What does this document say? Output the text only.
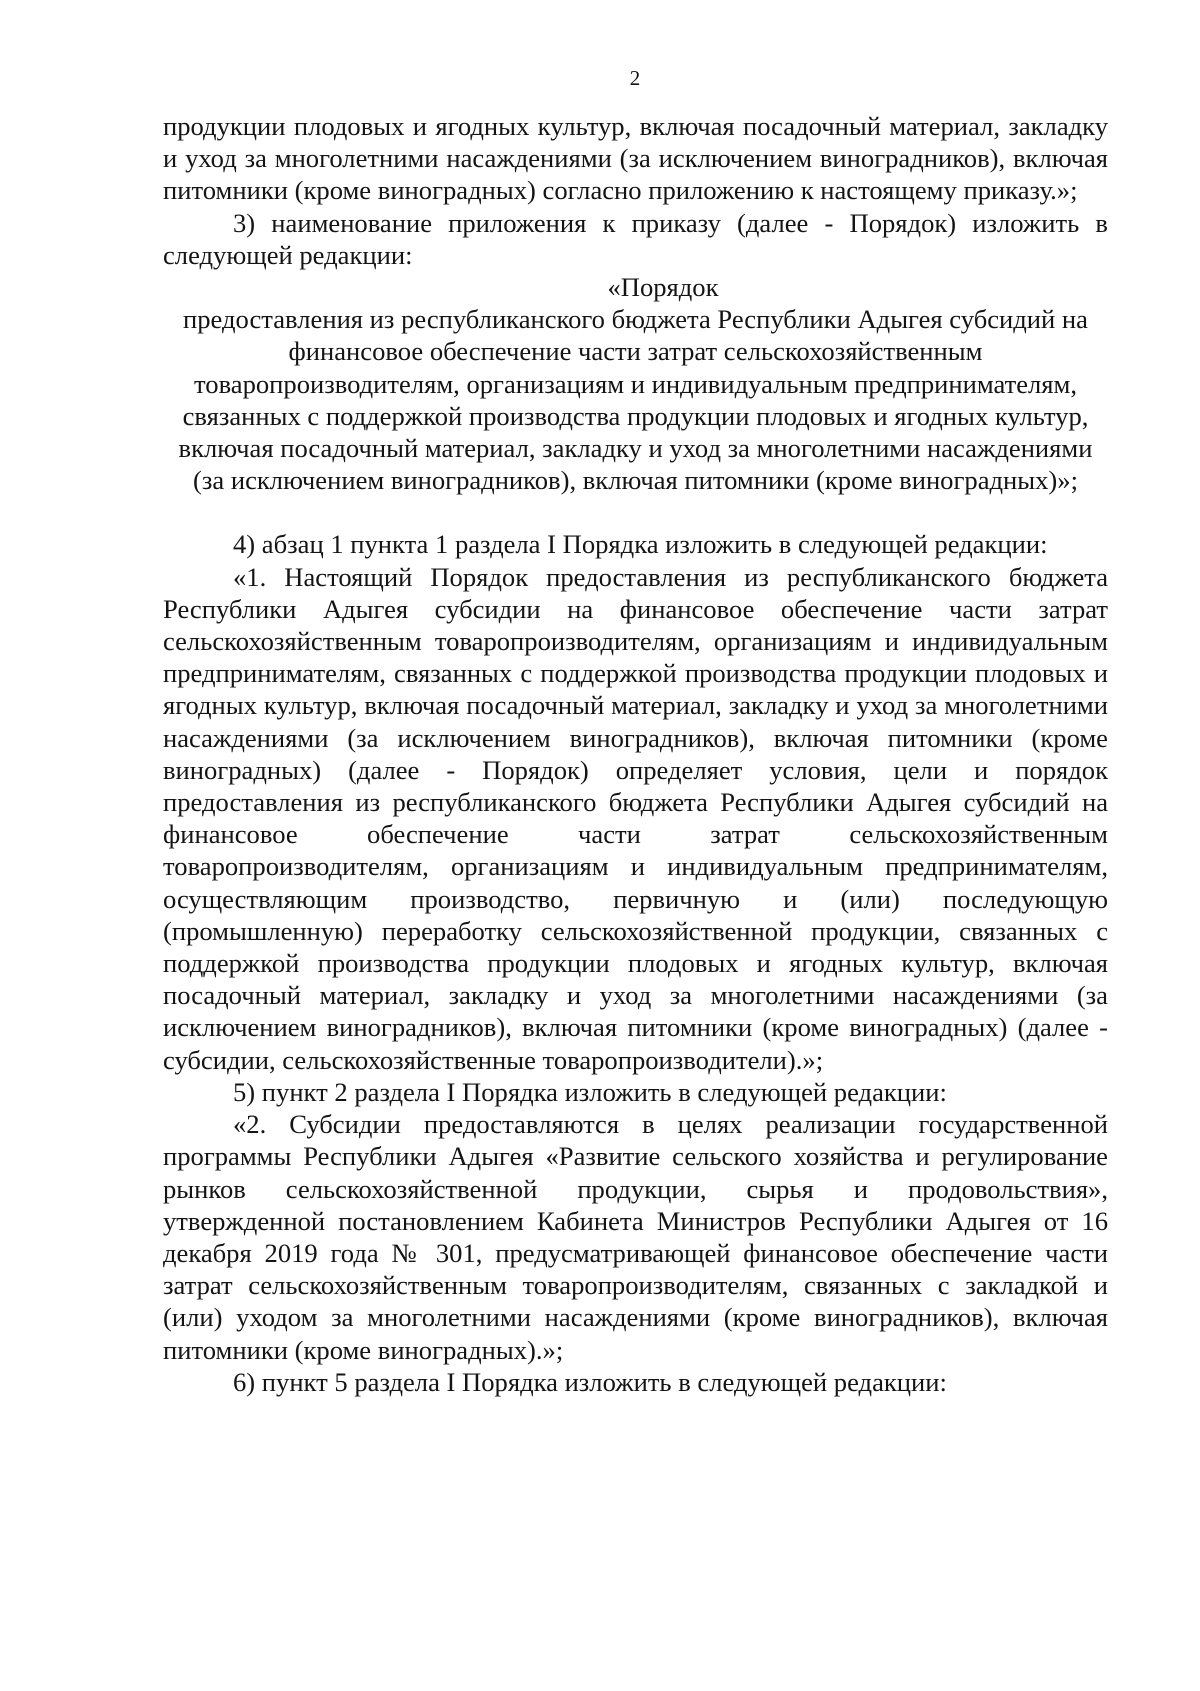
2

продукции плодовых и ягодных культур, включая посадочный материал, закладку и уход за многолетними насаждениями (за исключением виноградников), включая питомники (кроме виноградных) согласно приложению к настоящему приказу.»;

3) наименование приложения к приказу (далее - Порядок) изложить в следующей редакции:

«Порядок

предоставления из республиканского бюджета Республики Адыгея субсидий на финансовое обеспечение части затрат сельскохозяйственным товаропроизводителям, организациям и индивидуальным предпринимателям, связанных с поддержкой производства продукции плодовых и ягодных культур, включая посадочный материал, закладку и уход за многолетними насаждениями (за исключением виноградников), включая питомники (кроме виноградных)»;

4) абзац 1 пункта 1 раздела I Порядка изложить в следующей редакции:

«1. Настоящий Порядок предоставления из республиканского бюджета Республики Адыгея субсидии на финансовое обеспечение части затрат сельскохозяйственным товаропроизводителям, организациям и индивидуальным предпринимателям, связанных с поддержкой производства продукции плодовых и ягодных культур, включая посадочный материал, закладку и уход за многолетними насаждениями (за исключением виноградников), включая питомники (кроме виноградных) (далее - Порядок) определяет условия, цели и порядок предоставления из республиканского бюджета Республики Адыгея субсидий на финансовое обеспечение части затрат сельскохозяйственным товаропроизводителям, организациям и индивидуальным предпринимателям, осуществляющим производство, первичную и (или) последующую (промышленную) переработку сельскохозяйственной продукции, связанных с поддержкой производства продукции плодовых и ягодных культур, включая посадочный материал, закладку и уход за многолетними насаждениями (за исключением виноградников), включая питомники (кроме виноградных) (далее - субсидии, сельскохозяйственные товаропроизводители).»;

5) пункт 2 раздела I Порядка изложить в следующей редакции:

«2. Субсидии предоставляются в целях реализации государственной программы Республики Адыгея «Развитие сельского хозяйства и регулирование рынков сельскохозяйственной продукции, сырья и продовольствия», утвержденной постановлением Кабинета Министров Республики Адыгея от 16 декабря 2019 года № 301, предусматривающей финансовое обеспечение части затрат сельскохозяйственным товаропроизводителям, связанных с закладкой и (или) уходом за многолетними насаждениями (кроме виноградников), включая питомники (кроме виноградных).»;

6) пункт 5 раздела I Порядка изложить в следующей редакции:
